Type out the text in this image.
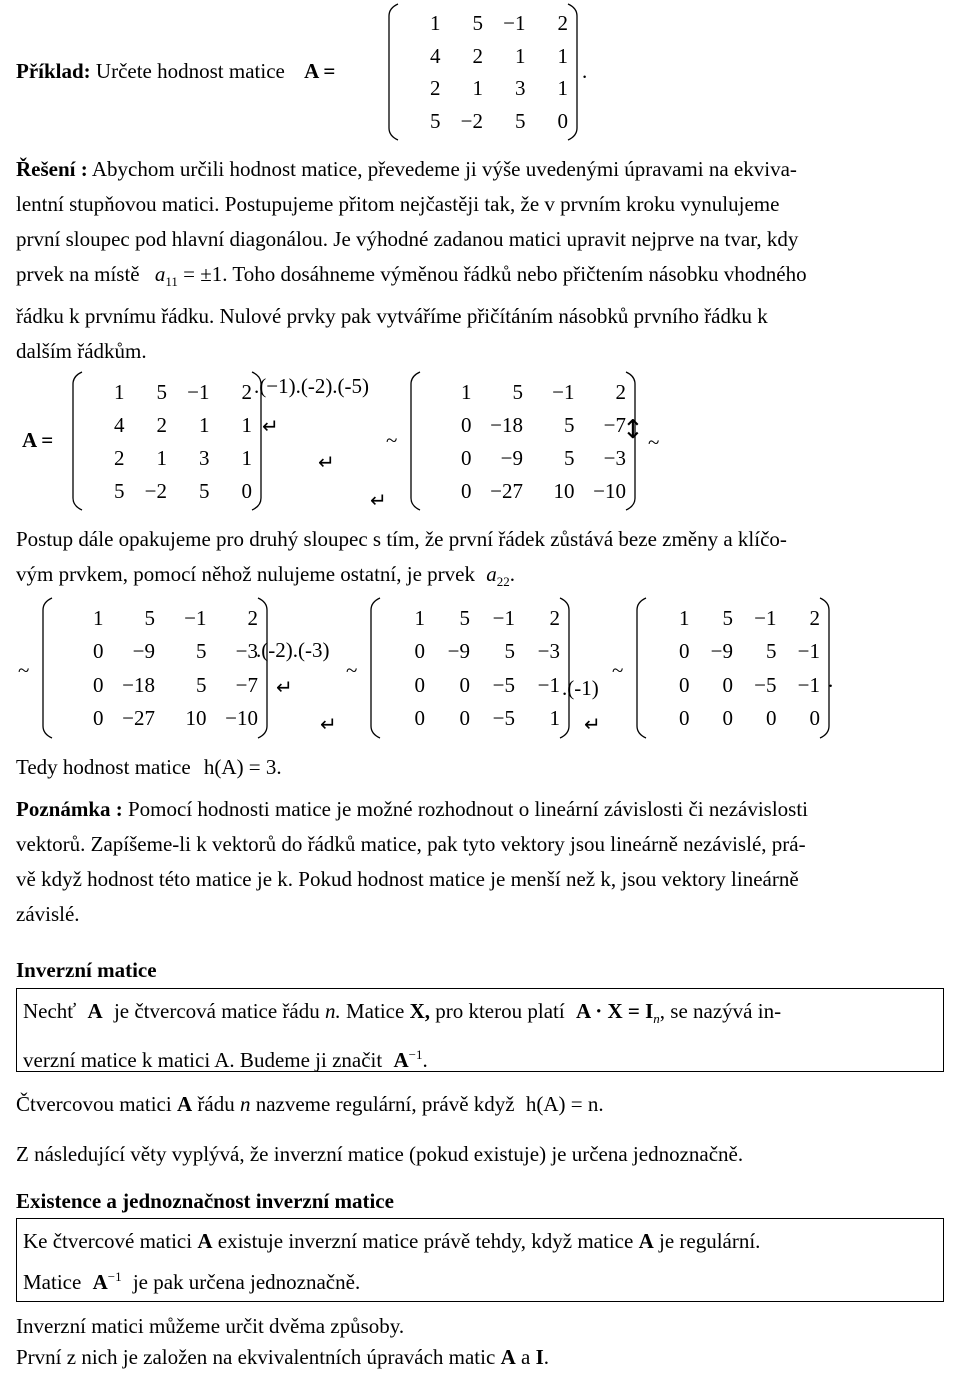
Příklad: Určete hodnost matice A =
1	5 −1	2
4	2	1	1
2	1	3	1
5 −2	5	0
.

Řešení : Abychom určili hodnost matice, převedeme ji výše uvedenými úpravami na ekviva-

lentní stupňovou matici. Postupujeme přitom nejčastěji tak, že v prvním kroku vynulujeme

první sloupec pod hlavní diagonálou. Je výhodné zadanou matici upravit nejprve na tvar, kdy

prvek na místě $a_{11} = \pm 1$. Toho dosáhneme výměnou řádků nebo přičtením násobku vhodného

řádku k prvnímu řádku. Nulové prvky pak vytváříme přičítáním násobků prvního řádku k

dalším řádkům.

A =
1	5 −1	2
4	2	1	1
2	1	3	1
5 −2	5	0
.(−1).(-2).(-5)
↵
↵
↵
~
1	5	−1	2
0 −18	5	−7
0	−9	5	−3
0 −27	10 −10
↕ ~

Postup dále opakujeme pro druhý sloupec s tím, že první řádek zůstává beze změny a klíčo-

vým prvkem, pomocí něhož nulujeme ostatní, je prvek $a_{22}$.

~
1	5	−1	2
0	−9	5	−3
0 −18	5	−7
0 −27	10 −10
.(-2).(-3)
↵
↵
~
1	5	−1	2
0	−9	5	−3
0	0	−5	−1
0	0	−5	1
.(-1)
↵
~
1	5	−1	2
0	−9	5	−1
0	0	−5	−1
0	0	0	0
.
Tedy hodnost matice h(A) = 3.

Poznámka : Pomocí hodnosti matice je možné rozhodnout o lineární závislosti či nezávislosti

vektorů. Zapíšeme-li k vektorů do řádků matice, pak tyto vektory jsou lineárně nezávislé, prá-

vě když hodnost této matice je k. Pokud hodnost matice je menší než k, jsou vektory lineárně

závislé.

Inverzní matice

Nechť A je čtvercová matice řádu n. Matice X, pro kterou platí $A \cdot X = I_n$, se nazývá in-

verzní matice k matici A. Budeme ji značit $A^{-1}$.

Čtvercovou matici A řádu n nazveme regulární, právě když h(A) = n.
Z následující věty vyplývá, že inverzní matice (pokud existuje) je určena jednoznačně.
Existence a jednoznačnost inverzní matice

Ke čtvercové matici A existuje inverzní matice právě tehdy, když matice A je regulární.

Matice $A^{-1}$ je pak určena jednoznačně.

Inverzní matici můžeme určit dvěma způsoby.
První z nich je založen na ekvivalentních úpravách matic A a I.
